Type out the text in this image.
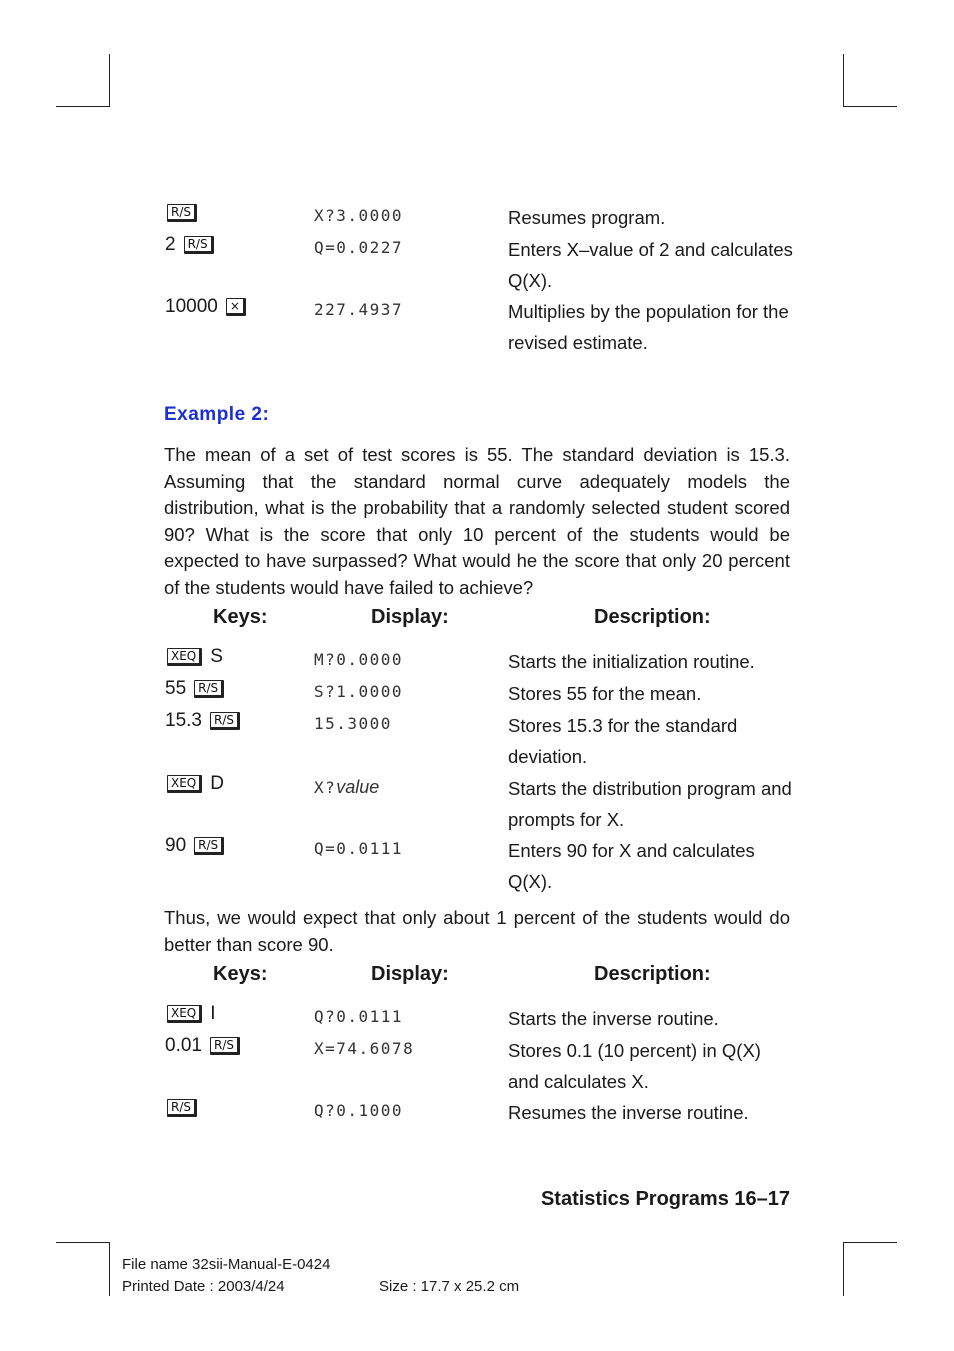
R/S	X?3.0000	Resumes program.
2 R/S	Q=0.0227	Enters X–value of 2 and calculates
Q(X).
10000 ×	227.4937	Multiplies by the population for the
revised estimate.
Example 2:
The mean of a set of test scores is 55. The standard deviation is 15.3. Assuming that the standard normal curve adequately models the distribution, what is the probability that a randomly selected student scored 90? What is the score that only 10 percent of the students would be expected to have surpassed? What would he the score that only 20 percent of the students would have failed to achieve?
Keys:	Display:	Description:
XEQ S	M?0.0000	Starts the initialization routine.
55 R/S	S?1.0000	Stores 55 for the mean.
15.3 R/S	15.3000	Stores 15.3 for the standard
deviation.
XEQ D	X?value	Starts the distribution program and
prompts for X.
90 R/S	Q=0.0111	Enters 90 for X and calculates
Q(X).
Thus, we would expect that only about 1 percent of the students would do better than score 90.
Keys:	Display:	Description:
XEQ I	Q?0.0111	Starts the inverse routine.
0.01 R/S	X=74.6078	Stores 0.1 (10 percent) in Q(X)
and calculates X.
R/S	Q?0.1000	Resumes the inverse routine.
Statistics Programs 16–17
File name 32sii-Manual-E-0424
Printed Date : 2003/4/24	Size : 17.7 x 25.2 cm
